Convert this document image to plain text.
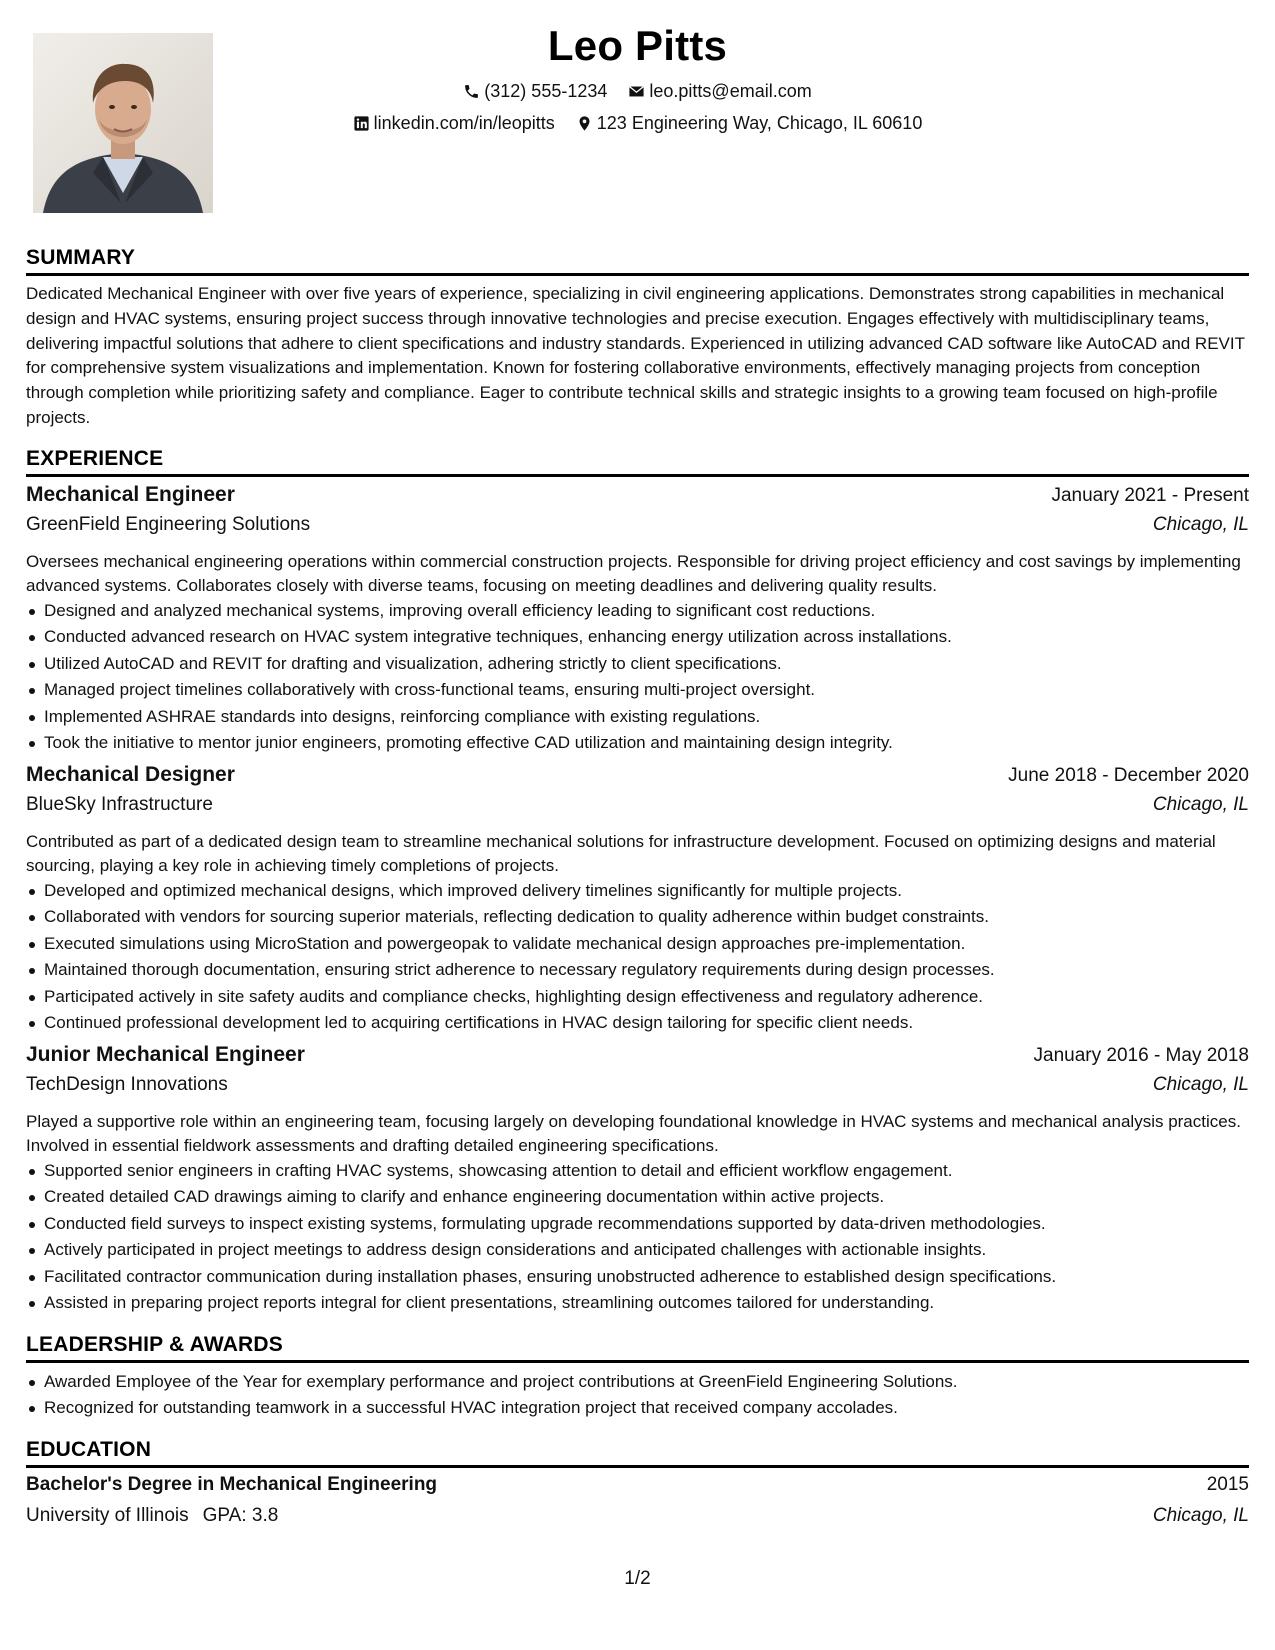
Leo Pitts
(312) 555-1234
leo.pitts@email.com
linkedin.com/in/leopitts
123 Engineering Way, Chicago, IL 60610
SUMMARY
Dedicated Mechanical Engineer with over five years of experience, specializing in civil engineering applications. Demonstrates strong capabilities in mechanical design and HVAC systems, ensuring project success through innovative technologies and precise execution. Engages effectively with multidisciplinary teams, delivering impactful solutions that adhere to client specifications and industry standards. Experienced in utilizing advanced CAD software like AutoCAD and REVIT for comprehensive system visualizations and implementation. Known for fostering collaborative environments, effectively managing projects from conception through completion while prioritizing safety and compliance. Eager to contribute technical skills and strategic insights to a growing team focused on high-profile projects.
EXPERIENCE
Mechanical Engineer	January 2021 - Present
GreenField Engineering Solutions	Chicago, IL
Oversees mechanical engineering operations within commercial construction projects. Responsible for driving project efficiency and cost savings by implementing advanced systems. Collaborates closely with diverse teams, focusing on meeting deadlines and delivering quality results.
Designed and analyzed mechanical systems, improving overall efficiency leading to significant cost reductions.
Conducted advanced research on HVAC system integrative techniques, enhancing energy utilization across installations.
Utilized AutoCAD and REVIT for drafting and visualization, adhering strictly to client specifications.
Managed project timelines collaboratively with cross-functional teams, ensuring multi-project oversight.
Implemented ASHRAE standards into designs, reinforcing compliance with existing regulations.
Took the initiative to mentor junior engineers, promoting effective CAD utilization and maintaining design integrity.
Mechanical Designer	June 2018 - December 2020
BlueSky Infrastructure	Chicago, IL
Contributed as part of a dedicated design team to streamline mechanical solutions for infrastructure development. Focused on optimizing designs and material sourcing, playing a key role in achieving timely completions of projects.
Developed and optimized mechanical designs, which improved delivery timelines significantly for multiple projects.
Collaborated with vendors for sourcing superior materials, reflecting dedication to quality adherence within budget constraints.
Executed simulations using MicroStation and powergeopak to validate mechanical design approaches pre-implementation.
Maintained thorough documentation, ensuring strict adherence to necessary regulatory requirements during design processes.
Participated actively in site safety audits and compliance checks, highlighting design effectiveness and regulatory adherence.
Continued professional development led to acquiring certifications in HVAC design tailoring for specific client needs.
Junior Mechanical Engineer	January 2016 - May 2018
TechDesign Innovations	Chicago, IL
Played a supportive role within an engineering team, focusing largely on developing foundational knowledge in HVAC systems and mechanical analysis practices. Involved in essential fieldwork assessments and drafting detailed engineering specifications.
Supported senior engineers in crafting HVAC systems, showcasing attention to detail and efficient workflow engagement.
Created detailed CAD drawings aiming to clarify and enhance engineering documentation within active projects.
Conducted field surveys to inspect existing systems, formulating upgrade recommendations supported by data-driven methodologies.
Actively participated in project meetings to address design considerations and anticipated challenges with actionable insights.
Facilitated contractor communication during installation phases, ensuring unobstructed adherence to established design specifications.
Assisted in preparing project reports integral for client presentations, streamlining outcomes tailored for understanding.
LEADERSHIP & AWARDS
Awarded Employee of the Year for exemplary performance and project contributions at GreenField Engineering Solutions.
Recognized for outstanding teamwork in a successful HVAC integration project that received company accolades.
EDUCATION
Bachelor's Degree in Mechanical Engineering	2015
University of Illinois GPA: 3.8	Chicago, IL
1/2
